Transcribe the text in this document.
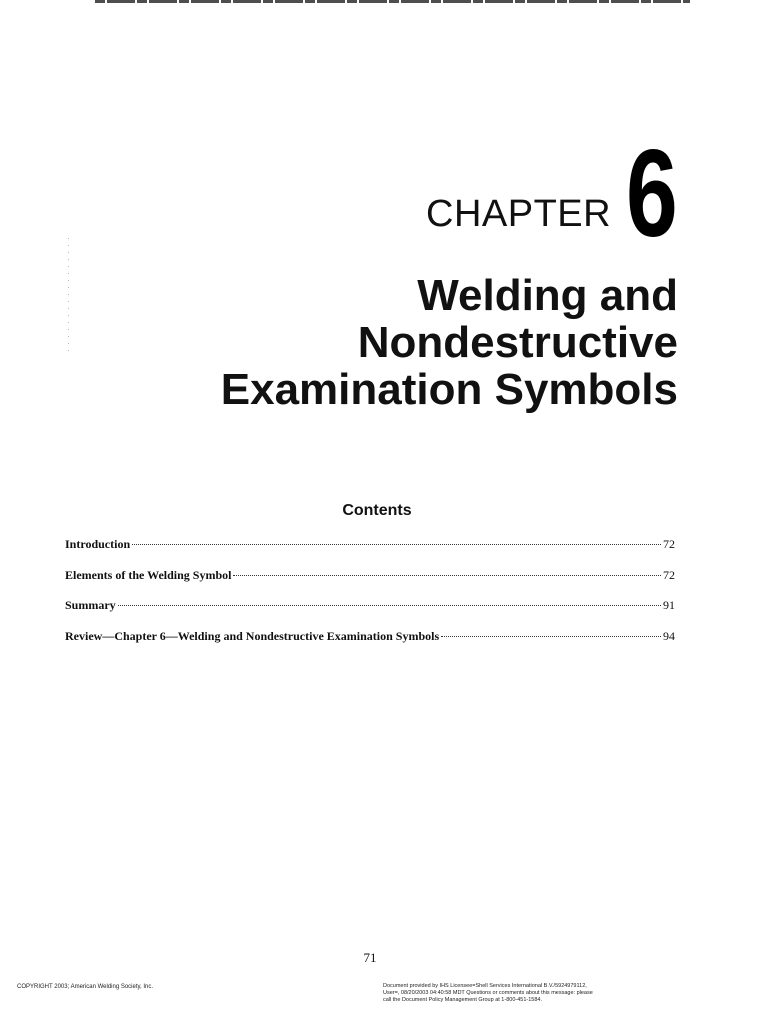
CHAPTER 6
Welding and
Nondestructive
Examination Symbols
Contents
Introduction	72
Elements of the Welding Symbol	72
Summary	91
Review—Chapter 6—Welding and Nondestructive Examination Symbols	94
71
COPYRIGHT 2003; American Welding Society, Inc.	Document provided by IHS Licensee=Shell Services International B.V./5924979112,
User=, 08/20/2003 04:40:58 MDT Questions or comments about this message: please
call the Document Policy Management Group at 1-800-451-1584.
